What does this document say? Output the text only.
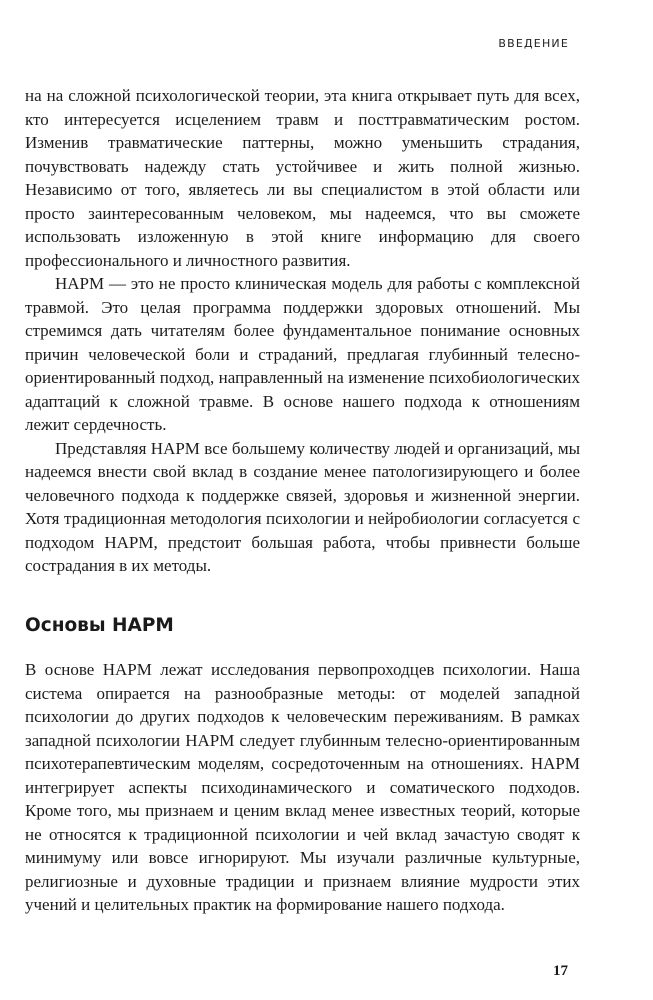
ВВЕДЕНИЕ

на на сложной психологической теории, эта книга открывает путь для всех, кто интересуется исцелением травм и посттравматическим ростом. Изменив травматические паттерны, можно уменьшить страдания, почувствовать надежду стать устойчивее и жить полной жизнью. Независимо от того, являетесь ли вы специалистом в этой области или просто заинтересованным человеком, мы надеемся, что вы сможете использовать изложенную в этой книге информацию для своего профессионального и личностного развития.

НАРМ — это не просто клиническая модель для работы с комплексной травмой. Это целая программа поддержки здоровых отношений. Мы стремимся дать читателям более фундаментальное понимание основных причин человеческой боли и страданий, предлагая глубинный телесно-ориентированный подход, направленный на изменение психобиологических адаптаций к сложной травме. В основе нашего подхода к отношениям лежит сердечность.

Представляя НАРМ все большему количеству людей и организаций, мы надеемся внести свой вклад в создание менее патологизирующего и более человечного подхода к поддержке связей, здоровья и жизненной энергии. Хотя традиционная методология психологии и нейробиологии согласуется с подходом НАРМ, предстоит большая работа, чтобы привнести больше сострадания в их методы.

Основы НАРМ

В основе НАРМ лежат исследования первопроходцев психологии. Наша система опирается на разнообразные методы: от моделей западной психологии до других подходов к человеческим переживаниям. В рамках западной психологии НАРМ следует глубинным телесно-ориентированным психотерапевтическим моделям, сосредоточенным на отношениях. НАРМ интегрирует аспекты психодинамического и соматического подходов. Кроме того, мы признаем и ценим вклад менее известных теорий, которые не относятся к традиционной психологии и чей вклад зачастую сводят к минимуму или вовсе игнорируют. Мы изучали различные культурные, религиозные и духовные традиции и признаем влияние мудрости этих учений и целительных практик на формирование нашего подхода.

17
